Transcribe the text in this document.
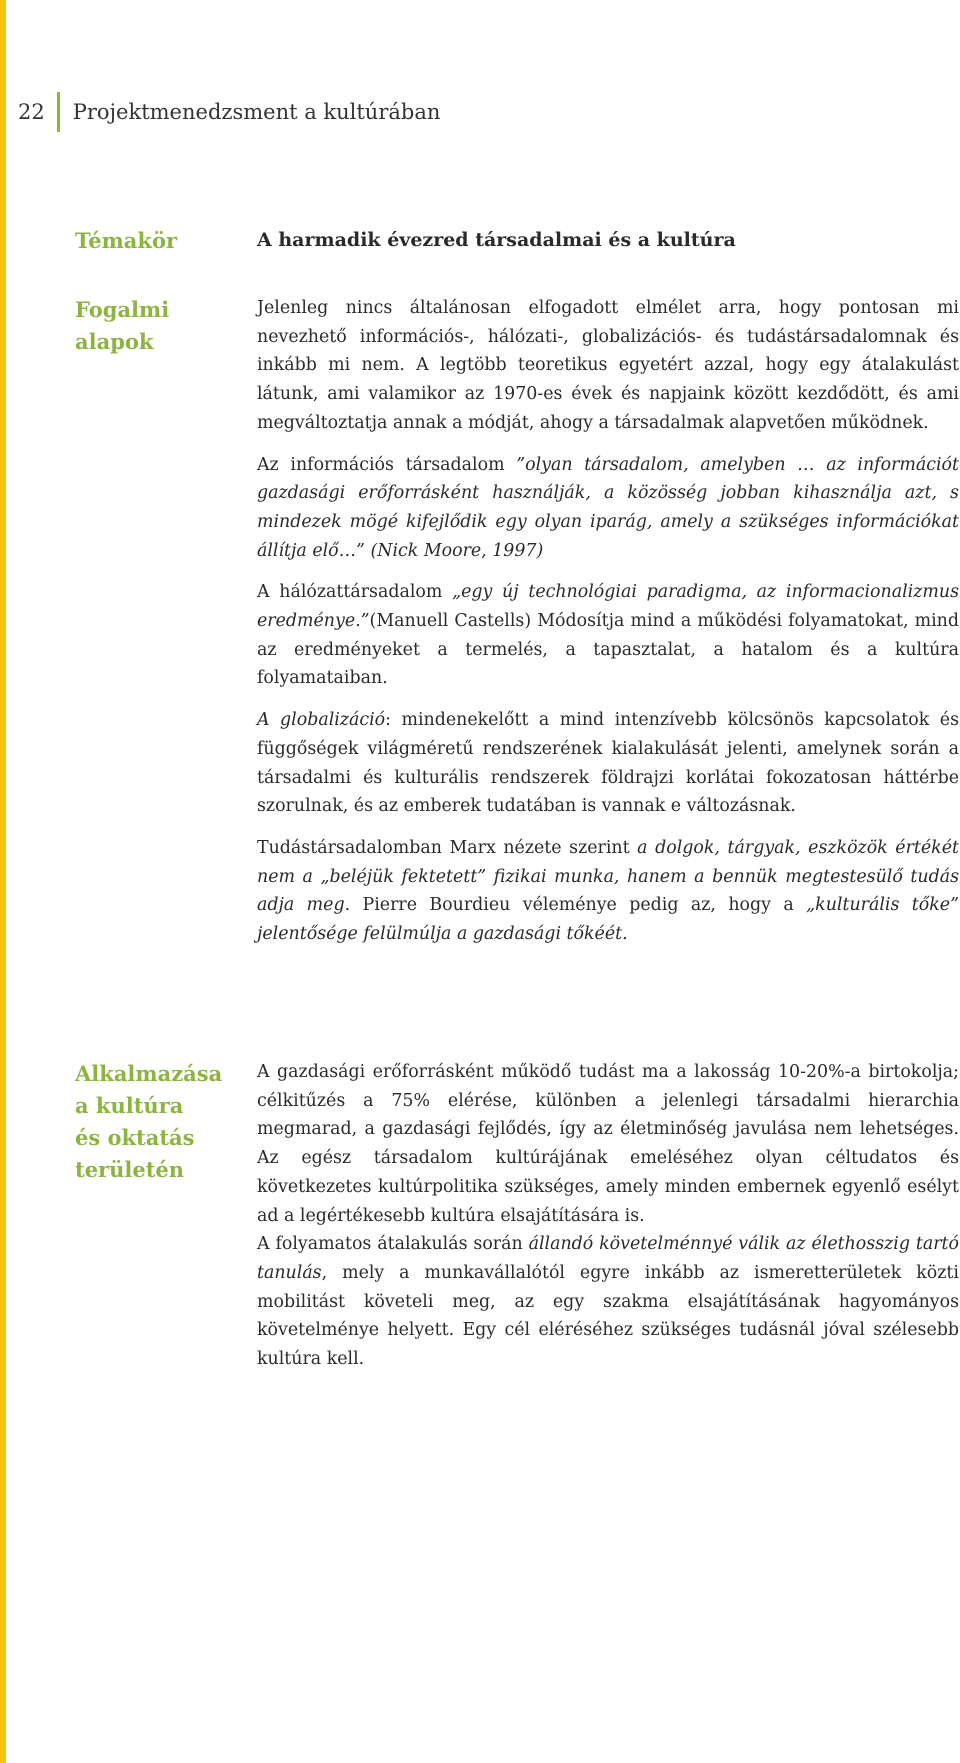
22 Projektmenedzsment a kultúrában
Témakör	A harmadik évezred társadalmai és a kultúra
Fogalmi
alapok

Jelenleg nincs általánosan elfogadott elmélet arra, hogy pontosan mi nevezhető információs-, hálózati-, globalizációs- és tudástársadalomnak és inkább mi nem. A legtöbb teoretikus egyetért azzal, hogy egy átalakulást látunk, ami valamikor az 1970-es évek és napjaink között kezdődött, és ami megváltoztatja annak a módját, ahogy a társadalmak alapvetően működnek.

Az információs társadalom ”olyan társadalom, amelyben … az információt gazdasági erőforrásként használják, a közösség jobban kihasználja azt, s mindezek mögé kifejlődik egy olyan iparág, amely a szükséges információkat állítja elő…” (Nick Moore, 1997)

A hálózattársadalom „egy új technológiai paradigma, az informacionalizmus eredménye.”(Manuell Castells) Módosítja mind a működési folyamatokat, mind az eredményeket a termelés, a tapasztalat, a hatalom és a kultúra folyamataiban.

A globalizáció: mindenekelőtt a mind intenzívebb kölcsönös kapcsolatok és függőségek világméretű rendszerének kialakulását jelenti, amelynek során a társadalmi és kulturális rendszerek földrajzi korlátai fokozatosan háttérbe szorulnak, és az emberek tudatában is vannak e változásnak.

Tudástársadalomban Marx nézete szerint a dolgok, tárgyak, eszközök értékét nem a „beléjük fektetett” fizikai munka, hanem a bennük megtestesülő tudás adja meg. Pierre Bourdieu véleménye pedig az, hogy a „kulturális tőke” jelentősége felülmúlja a gazdasági tőkéét.

Alkalmazása
a kultúra
és oktatás
területén

A gazdasági erőforrásként működő tudást ma a lakosság 10-20%-a birtokolja; célkitűzés a 75% elérése, különben a jelenlegi társadalmi hierarchia megmarad, a gazdasági fejlődés, így az életminőség javulása nem lehetséges. Az egész társadalom kultúrájának emeléséhez olyan céltudatos és következetes kultúrpolitika szükséges, amely minden embernek egyenlő esélyt ad a legértékesebb kultúra elsajátítására is.

A folyamatos átalakulás során állandó követelménnyé válik az élethosszig tartó tanulás, mely a munkavállalótól egyre inkább az ismeretterületek közti mobilitást követeli meg, az egy szakma elsajátításának hagyományos követelménye helyett. Egy cél eléréséhez szükséges tudásnál jóval szélesebb kultúra kell.
